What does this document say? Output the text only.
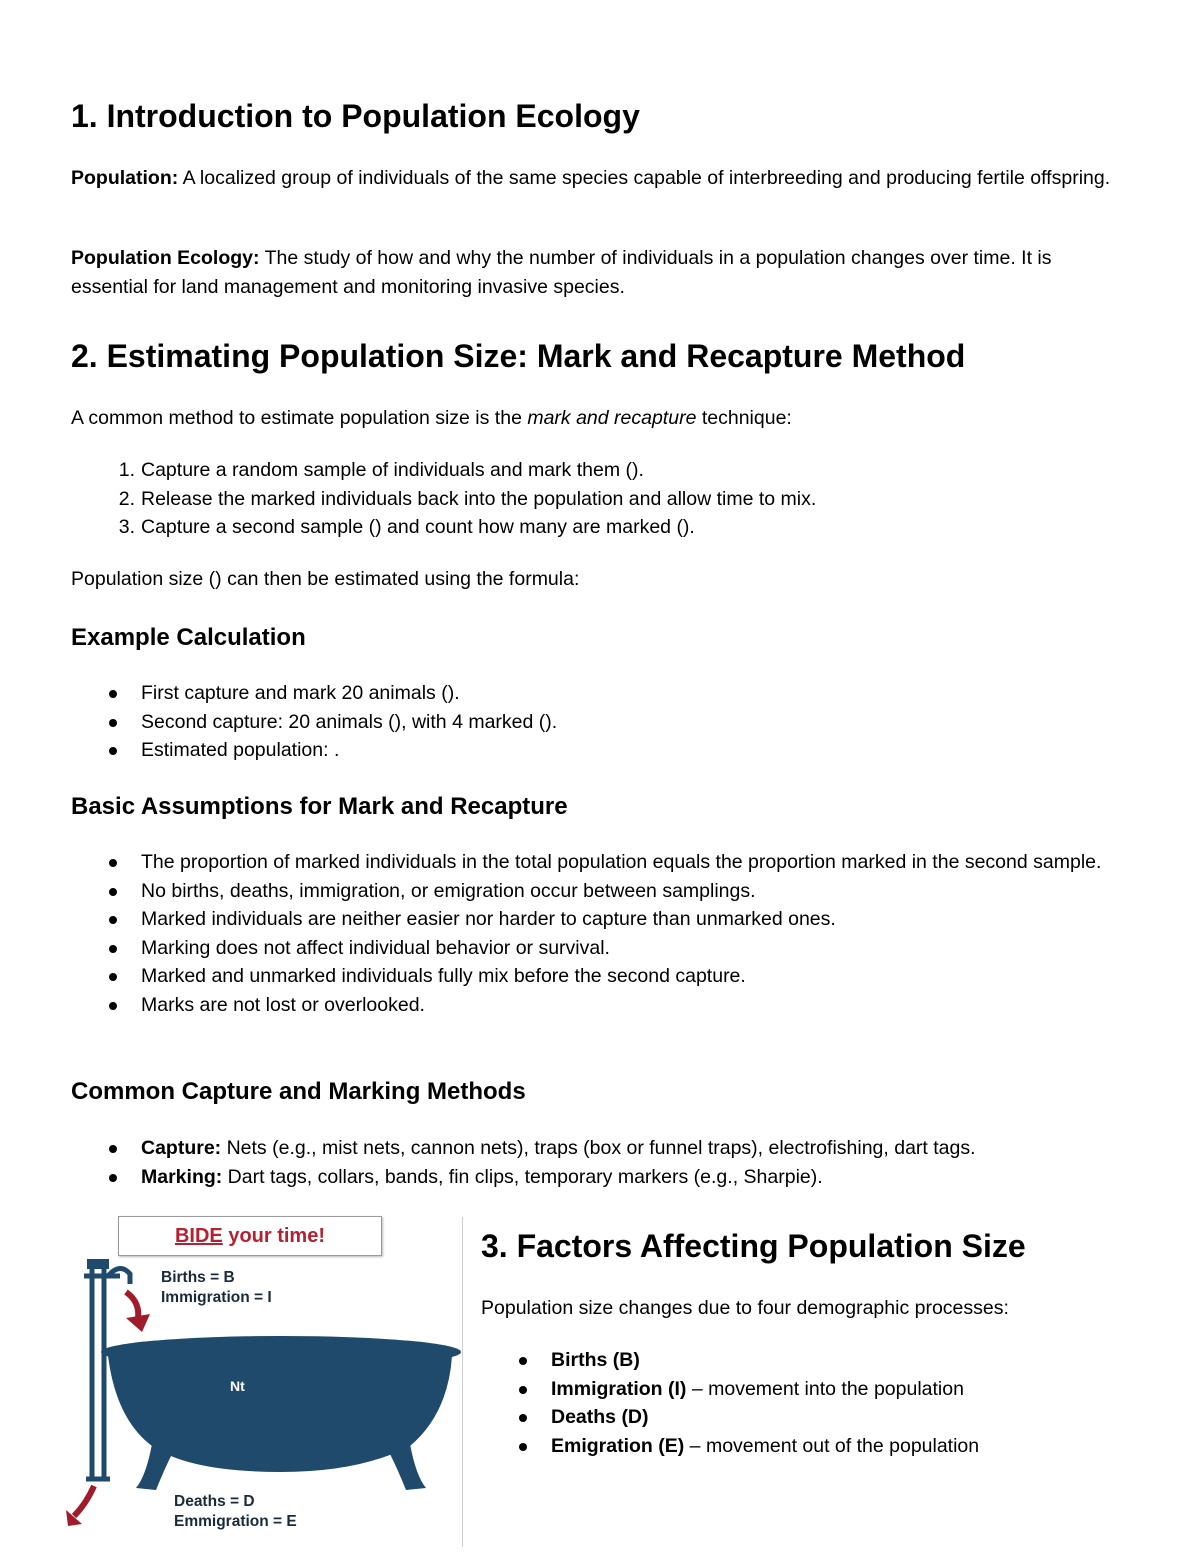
1. Introduction to Population Ecology
Population: A localized group of individuals of the same species capable of interbreeding and producing fertile offspring.
Population Ecology: The study of how and why the number of individuals in a population changes over time. It is essential for land management and monitoring invasive species.
2. Estimating Population Size: Mark and Recapture Method
A common method to estimate population size is the mark and recapture technique:
1. Capture a random sample of individuals and mark them ().
2. Release the marked individuals back into the population and allow time to mix.
3. Capture a second sample () and count how many are marked ().
Population size () can then be estimated using the formula:
Example Calculation
First capture and mark 20 animals ().
Second capture: 20 animals (), with 4 marked ().
Estimated population: .
Basic Assumptions for Mark and Recapture
The proportion of marked individuals in the total population equals the proportion marked in the second sample.
No births, deaths, immigration, or emigration occur between samplings.
Marked individuals are neither easier nor harder to capture than unmarked ones.
Marking does not affect individual behavior or survival.
Marked and unmarked individuals fully mix before the second capture.
Marks are not lost or overlooked.
Common Capture and Marking Methods
Capture: Nets (e.g., mist nets, cannon nets), traps (box or funnel traps), electrofishing, dart tags.
Marking: Dart tags, collars, bands, fin clips, temporary markers (e.g., Sharpie).
BIDE your time!
Births = B
Immigration = I
Nt
Deaths = D
Emmigration = E
3. Factors Affecting Population Size
Population size changes due to four demographic processes:
Births (B)
Immigration (I) – movement into the population
Deaths (D)
Emigration (E) – movement out of the population
